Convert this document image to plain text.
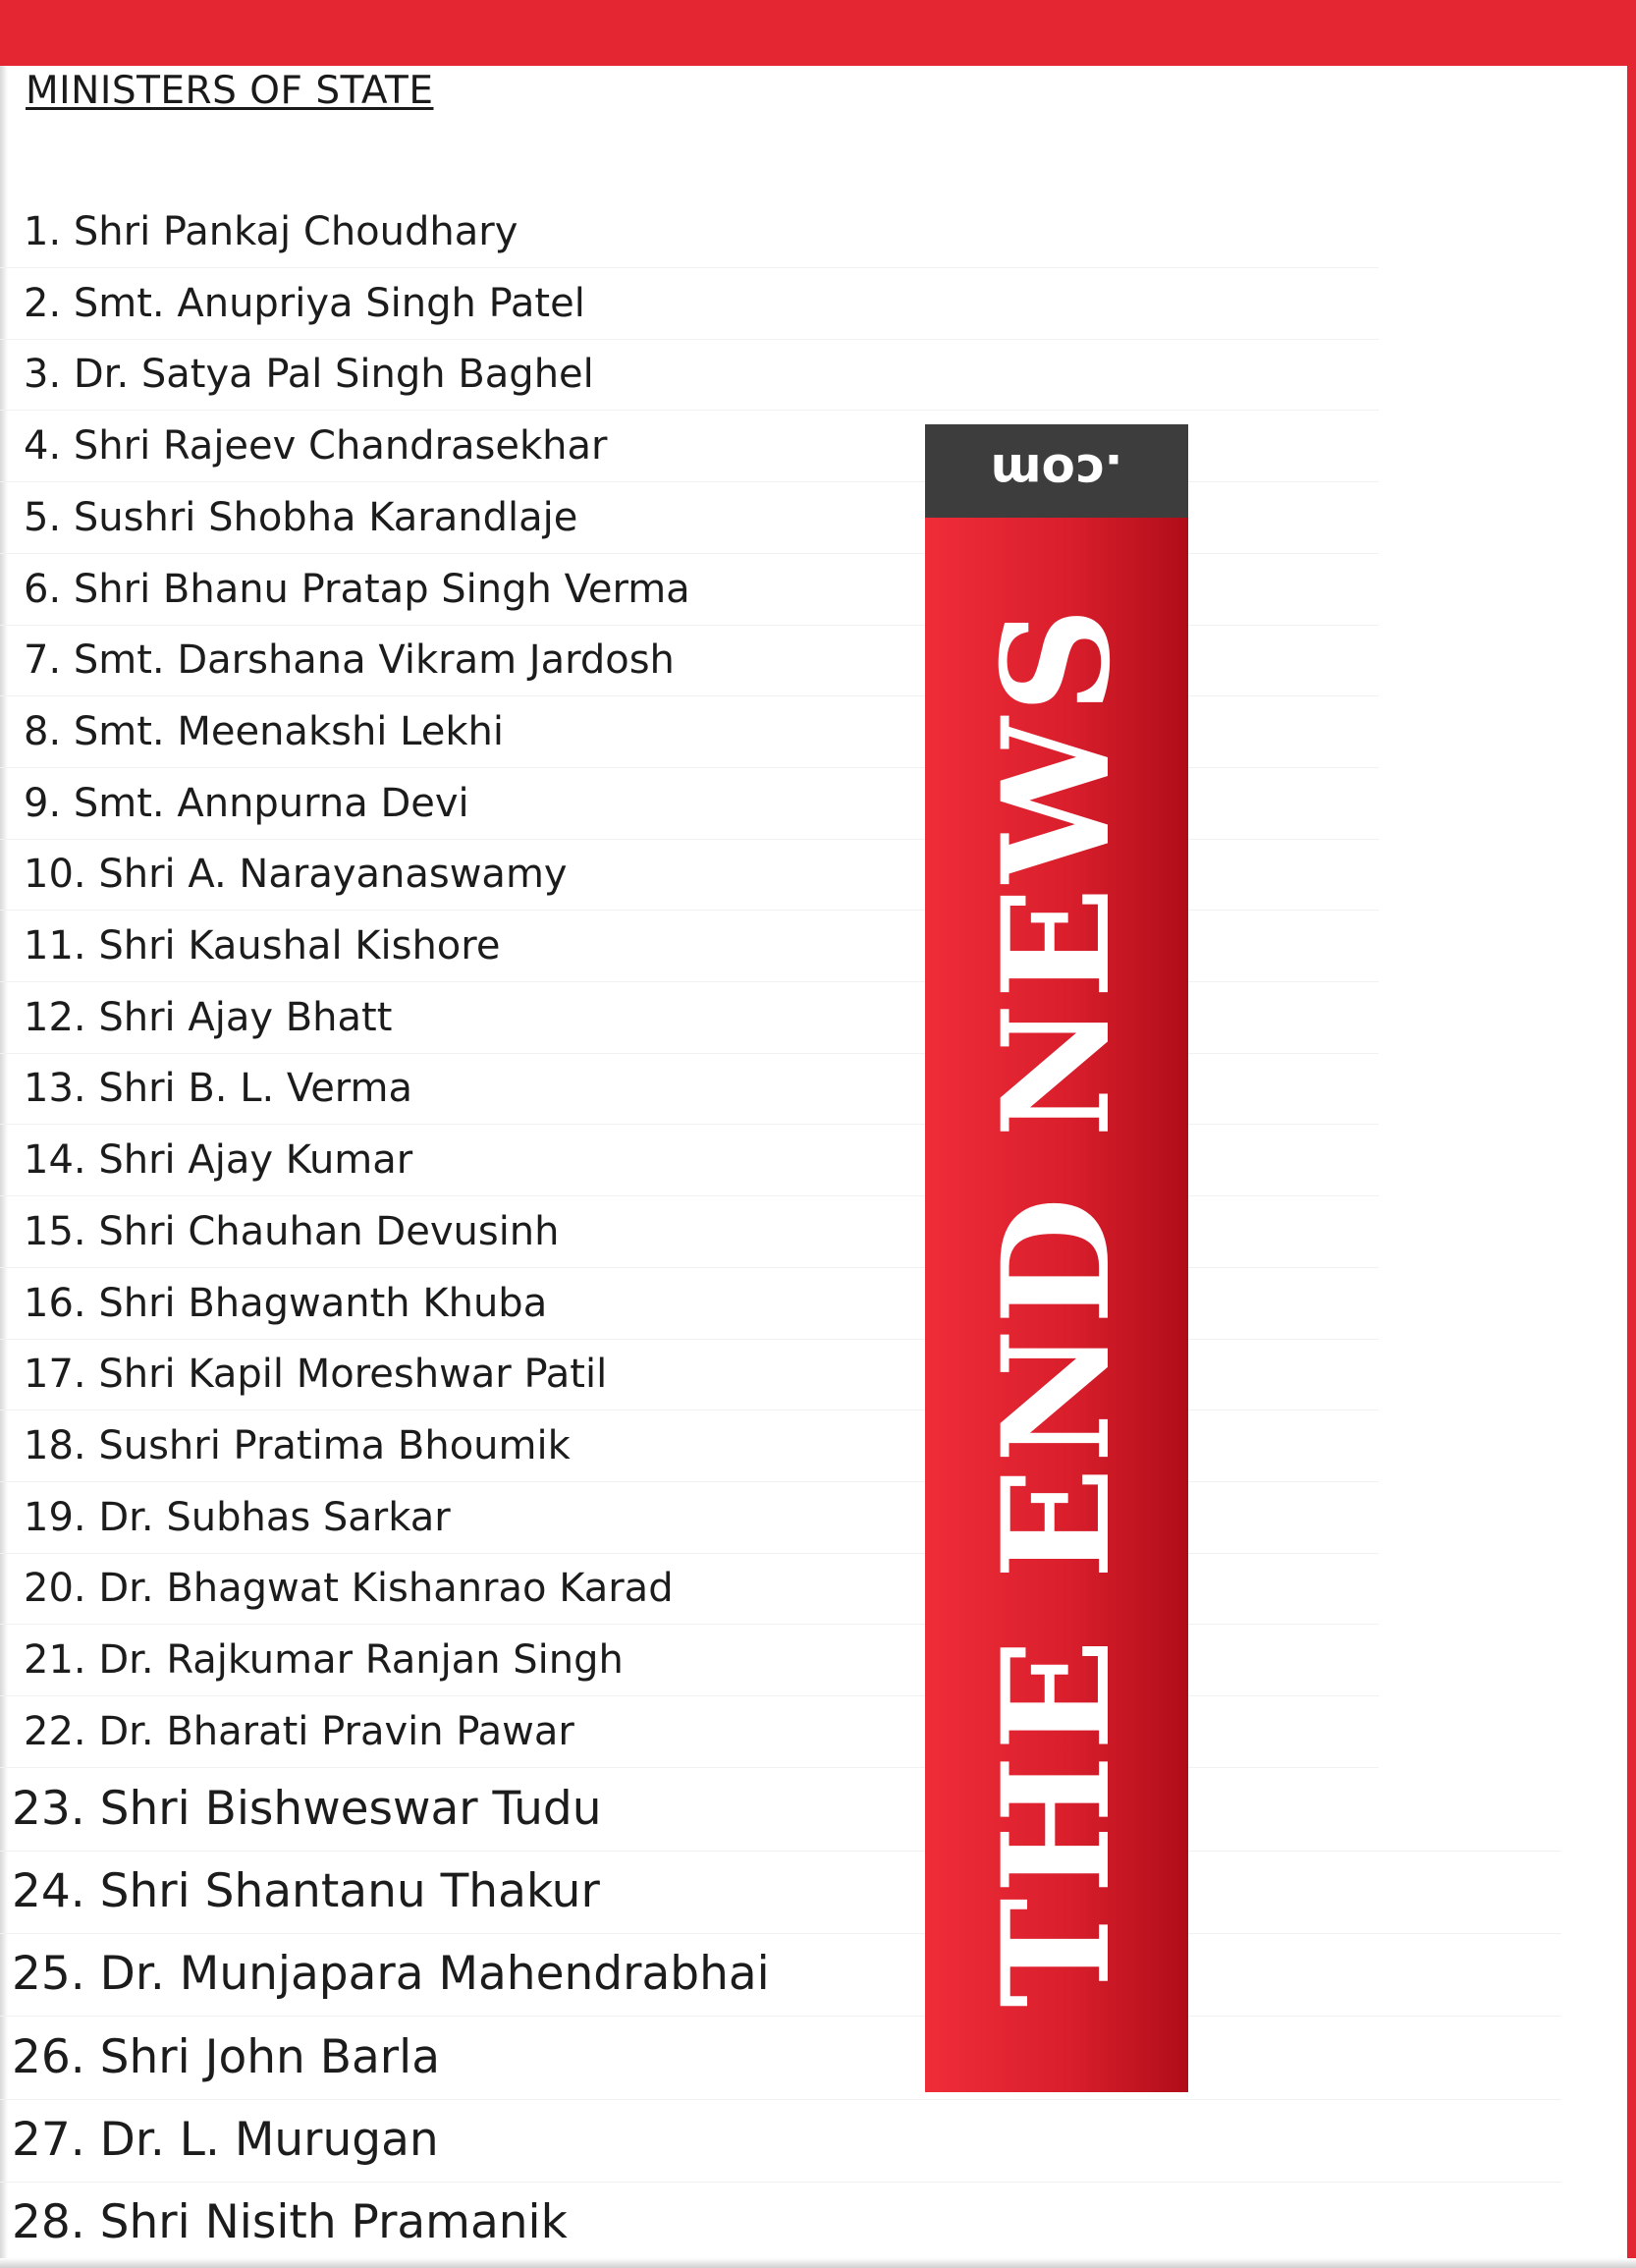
MINISTERS OF STATE
1. Shri Pankaj Choudhary
2. Smt. Anupriya Singh Patel
3. Dr. Satya Pal Singh Baghel
4. Shri Rajeev Chandrasekhar
5. Sushri Shobha Karandlaje
6. Shri Bhanu Pratap Singh Verma
7. Smt. Darshana Vikram Jardosh
8. Smt. Meenakshi Lekhi
9. Smt. Annpurna Devi
10. Shri A. Narayanaswamy
11. Shri Kaushal Kishore
12. Shri Ajay Bhatt
13. Shri B. L. Verma
14. Shri Ajay Kumar
15. Shri Chauhan Devusinh
16. Shri Bhagwanth Khuba
17. Shri Kapil Moreshwar Patil
18. Sushri Pratima Bhoumik
19. Dr. Subhas Sarkar
20. Dr. Bhagwat Kishanrao Karad
21. Dr. Rajkumar Ranjan Singh
22. Dr. Bharati Pravin Pawar
23. Shri Bishweswar Tudu
24. Shri Shantanu Thakur
25. Dr. Munjapara Mahendrabhai
26. Shri John Barla
27. Dr. L. Murugan
28. Shri Nisith Pramanik
.com
THE END NEWS
